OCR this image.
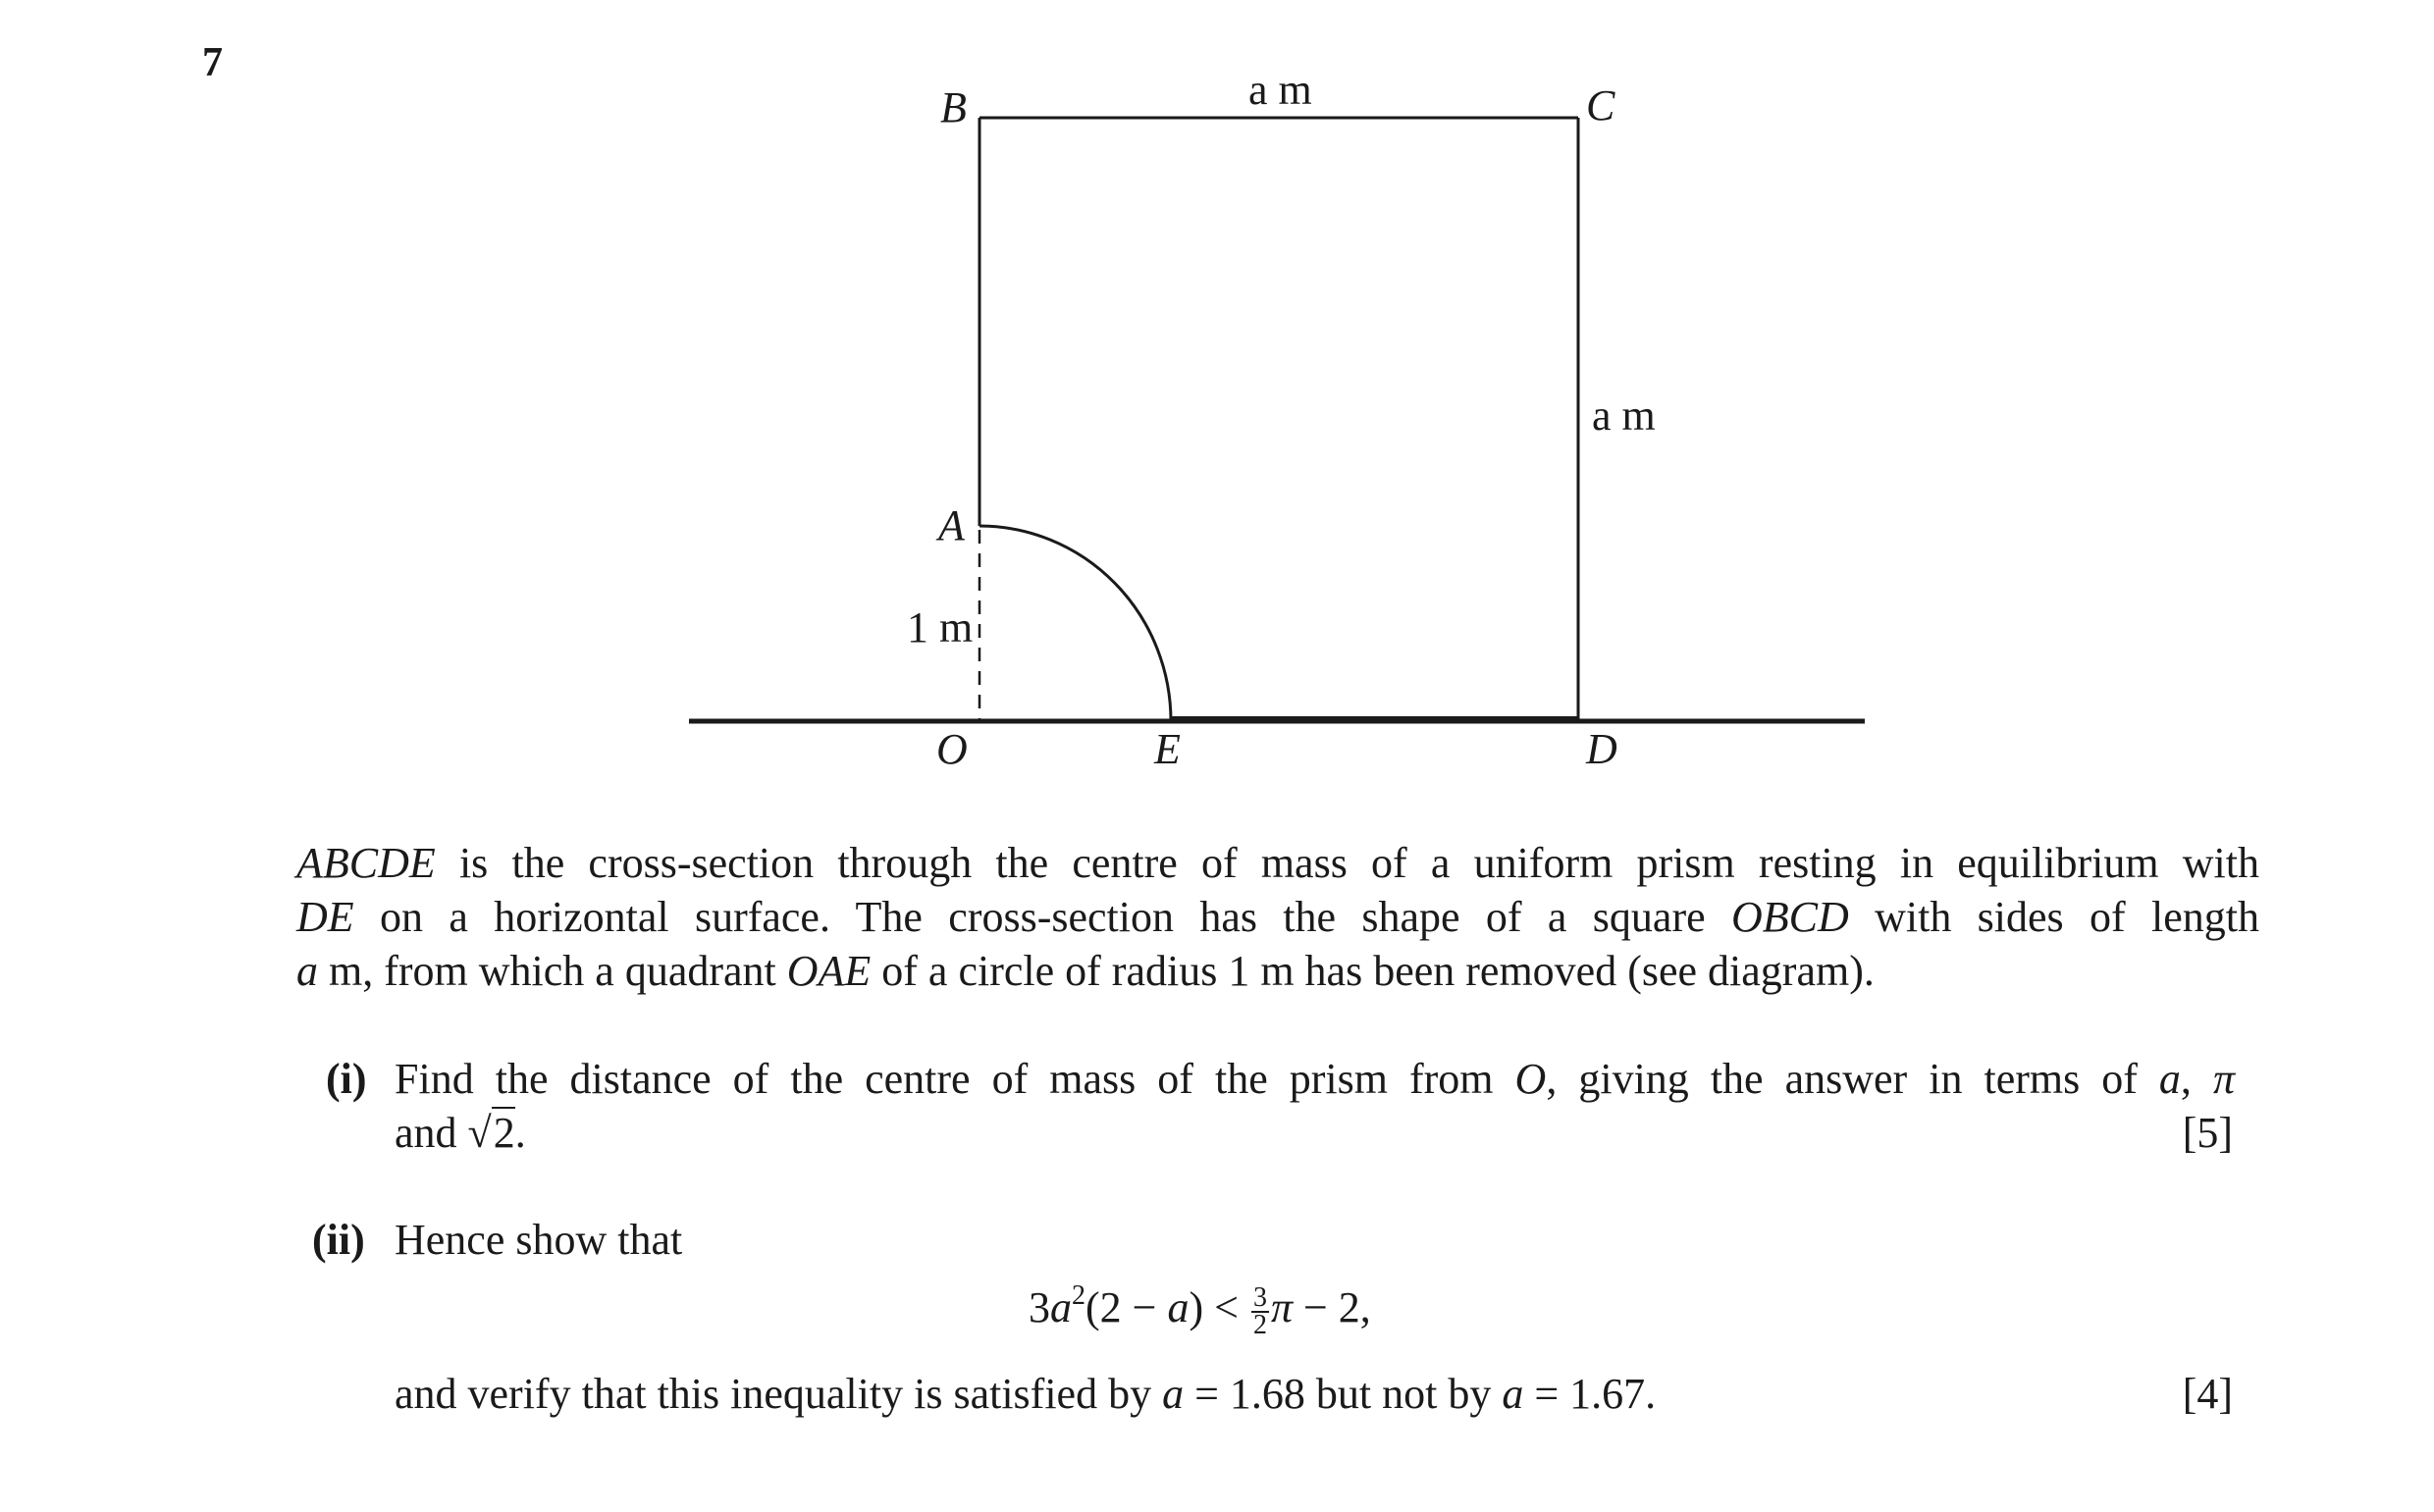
7
B	C
A
O	E	D
a m
a m
1 m
ABCDE is the cross-section through the centre of mass of a uniform prism resting in equilibrium with
DE on a horizontal surface. The cross-section has the shape of a square OBCD with sides of length
a m, from which a quadrant OAE of a circle of radius 1 m has been removed (see diagram).
(i) Find the distance of the centre of mass of the prism from O, giving the answer in terms of a, π
and √2.	[5]
(ii) Hence show that
$3a^2(2 - a) < \frac{3}{2}$ π − 2,
and verify that this inequality is satisfied by a = 1.68 but not by a = 1.67.	[4]
